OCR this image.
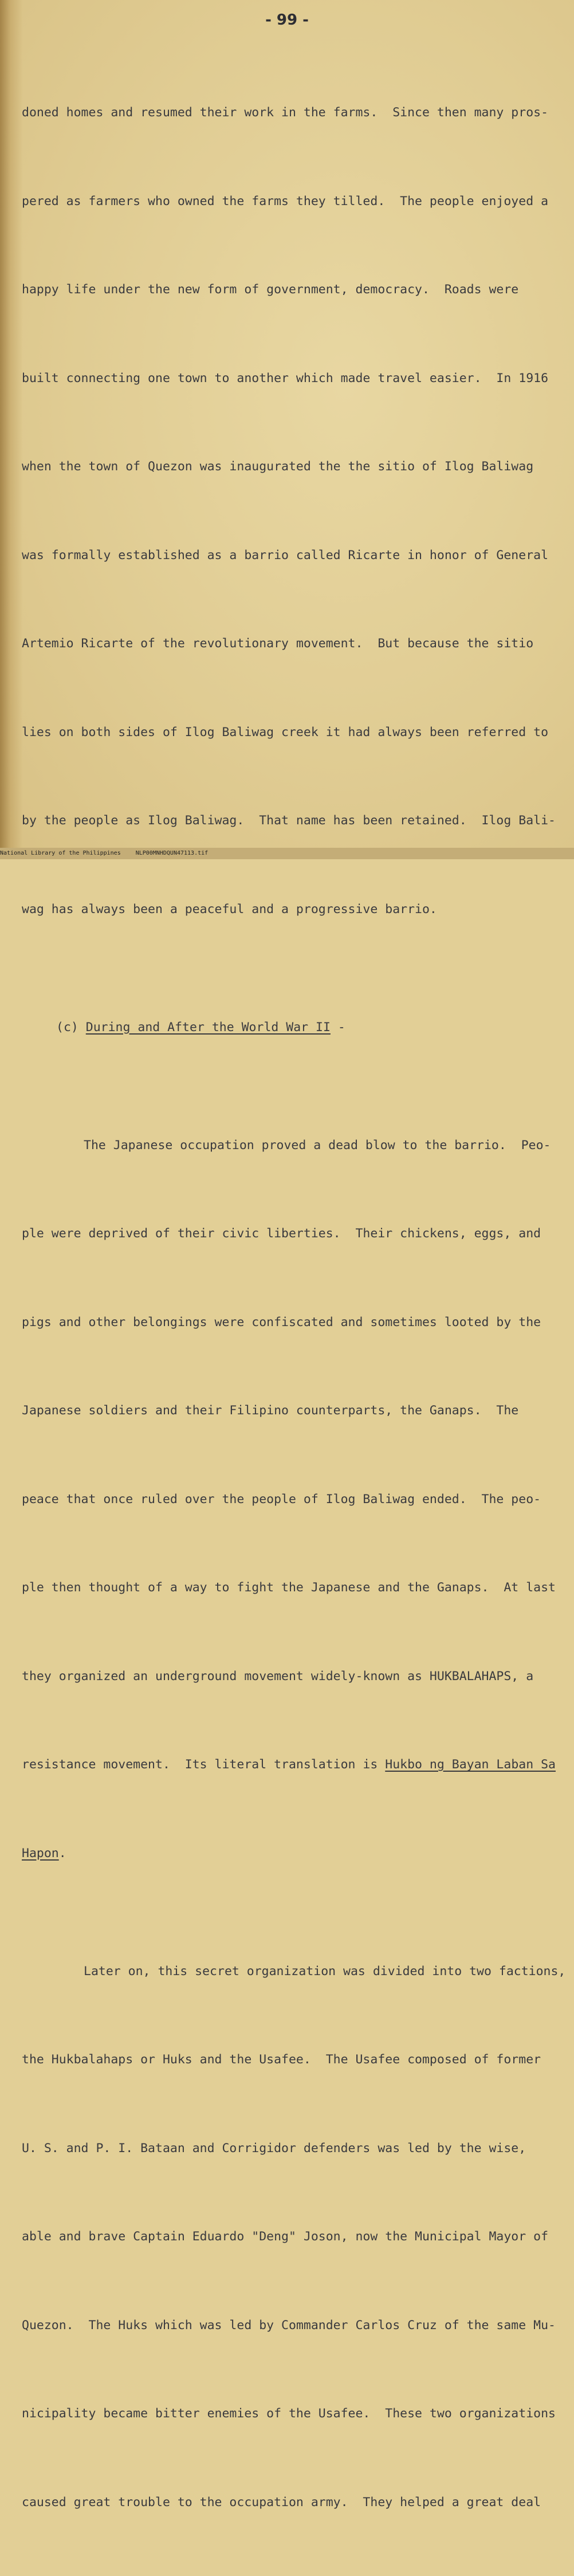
- 99 -

doned homes and resumed their work in the farms.  Since then many pros-

pered as farmers who owned the farms they tilled.  The people enjoyed a

happy life under the new form of government, democracy.  Roads were

built connecting one town to another which made travel easier.  In 1916

when the town of Quezon was inaugurated the the sitio of Ilog Baliwag

was formally established as a barrio called Ricarte in honor of General

Artemio Ricarte of the revolutionary movement.  But because the sitio

lies on both sides of Ilog Baliwag creek it had always been referred to

by the people as Ilog Baliwag.  That name has been retained.  Ilog Bali-

wag has always been a peaceful and a progressive barrio.

(c) During and After the World War II -

The Japanese occupation proved a dead blow to the barrio.  Peo-

ple were deprived of their civic liberties.  Their chickens, eggs, and

pigs and other belongings were confiscated and sometimes looted by the

Japanese soldiers and their Filipino counterparts, the Ganaps.  The

peace that once ruled over the people of Ilog Baliwag ended.  The peo-

ple then thought of a way to fight the Japanese and the Ganaps.  At last

they organized an underground movement widely-known as HUKBALAHAPS, a

resistance movement.  Its literal translation is Hukbo ng Bayan Laban Sa

Hapon.

Later on, this secret organization was divided into two factions,

the Hukbalahaps or Huks and the Usafee.  The Usafee composed of former

U. S. and P. I. Bataan and Corrigidor defenders was led by the wise,

able and brave Captain Eduardo "Deng" Joson, now the Municipal Mayor of

Quezon.  The Huks which was led by Commander Carlos Cruz of the same Mu-

nicipality became bitter enemies of the Usafee.  These two organizations

caused great trouble to the occupation army.  They helped a great deal

National Library of the Philippines	NLP00MNHDQUN47113.tif
